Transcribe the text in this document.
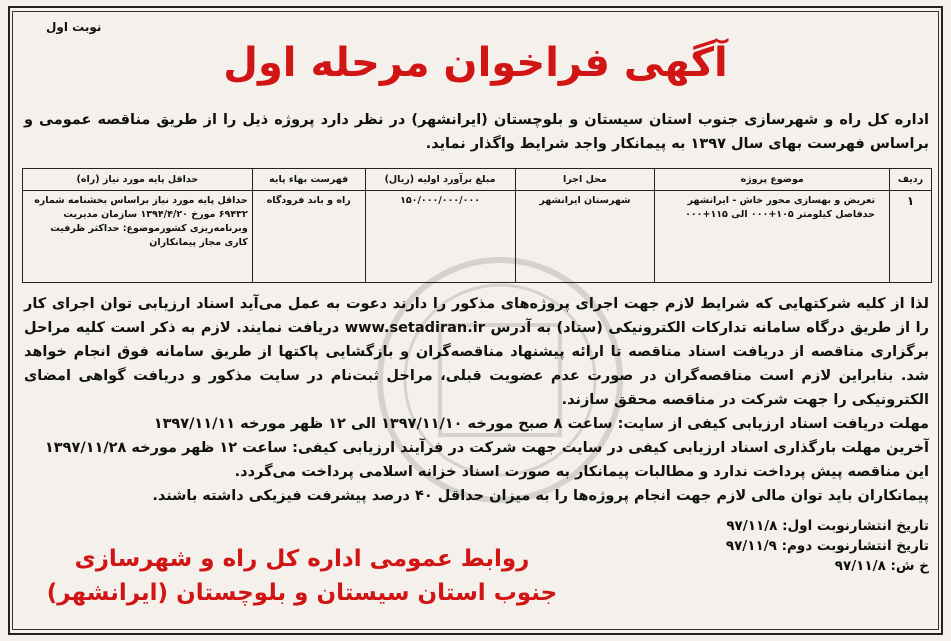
نوبت اول
آگهی فراخوان مرحله اول
اداره کل راه و شهرسازی جنوب استان سیستان و بلوچستان (ایرانشهر) در نظر دارد پروژه ذیل را از طریق مناقصه عمومی و براساس فهرست بهای سال ۱۳۹۷ به پیمانکار واجد شرایط واگذار نماید.
ردیف	موضوع پروژه	محل اجرا	مبلغ برآورد اولیه (ریال)	فهرست بهاء پایه	حداقل پایه مورد نیاز (راه)
۱	تعریض و بهسازی محور خاش - ایرانشهر حدفاصل کیلومتر ۱۰۵+۰۰۰ الی ۱۱۵+۰۰۰	شهرستان ایرانشهر	۱۵۰/۰۰۰/۰۰۰/۰۰۰	راه و باند فرودگاه	حداقل پایه مورد نیاز براساس بخشنامه شماره ۶۹۴۳۲ مورخ ۱۳۹۴/۴/۲۰ سازمان مدیریت وبرنامه‌ریزی کشورموضوع: حداکثر ظرفیت کاری مجاز پیمانکاران

لذا از کلیه شرکتهایی که شرایط لازم جهت اجرای پروژه‌های مذکور را دارند دعوت به عمل می‌آید اسناد ارزیابی توان اجرای کار را از طریق درگاه سامانه تدارکات الکترونیکی (ستاد) به آدرس www.setadiran.ir دریافت نمایند. لازم به ذکر است کلیه مراحل برگزاری مناقصه از دریافت اسناد مناقصه تا ارائه پیشنهاد مناقصه‌گران و بازگشایی پاکتها از طریق سامانه فوق انجام خواهد شد. بنابراین لازم است مناقصه‌گران در صورت عدم عضویت قبلی، مراحل ثبت‌نام در سایت مذکور و دریافت گواهی امضای الکترونیکی را جهت شرکت در مناقصه محقق سازند.

مهلت دریافت اسناد ارزیابی کیفی از سایت: ساعت ۸ صبح مورخه ۱۳۹۷/۱۱/۱۰ الی ۱۲ ظهر مورخه ۱۳۹۷/۱۱/۱۱

آخرین مهلت بارگذاری اسناد ارزیابی کیفی در سایت جهت شرکت در فرآیند ارزیابی کیفی: ساعت ۱۲ ظهر مورخه ۱۳۹۷/۱۱/۲۸

این مناقصه پیش پرداخت ندارد و مطالبات پیمانکار به صورت اسناد خزانه اسلامی پرداخت می‌گردد.

پیمانکاران باید توان مالی لازم جهت انجام پروژه‌ها را به میزان حداقل ۴۰ درصد پیشرفت فیزیکی داشته باشند.

تاریخ انتشارنوبت اول: ۹۷/۱۱/۸
تاریخ انتشارنوبت دوم: ۹۷/۱۱/۹
خ ش: ۹۷/۱۱/۸
روابط عمومی اداره کل راه و شهرسازی
جنوب استان سیستان و بلوچستان (ایرانشهر)
